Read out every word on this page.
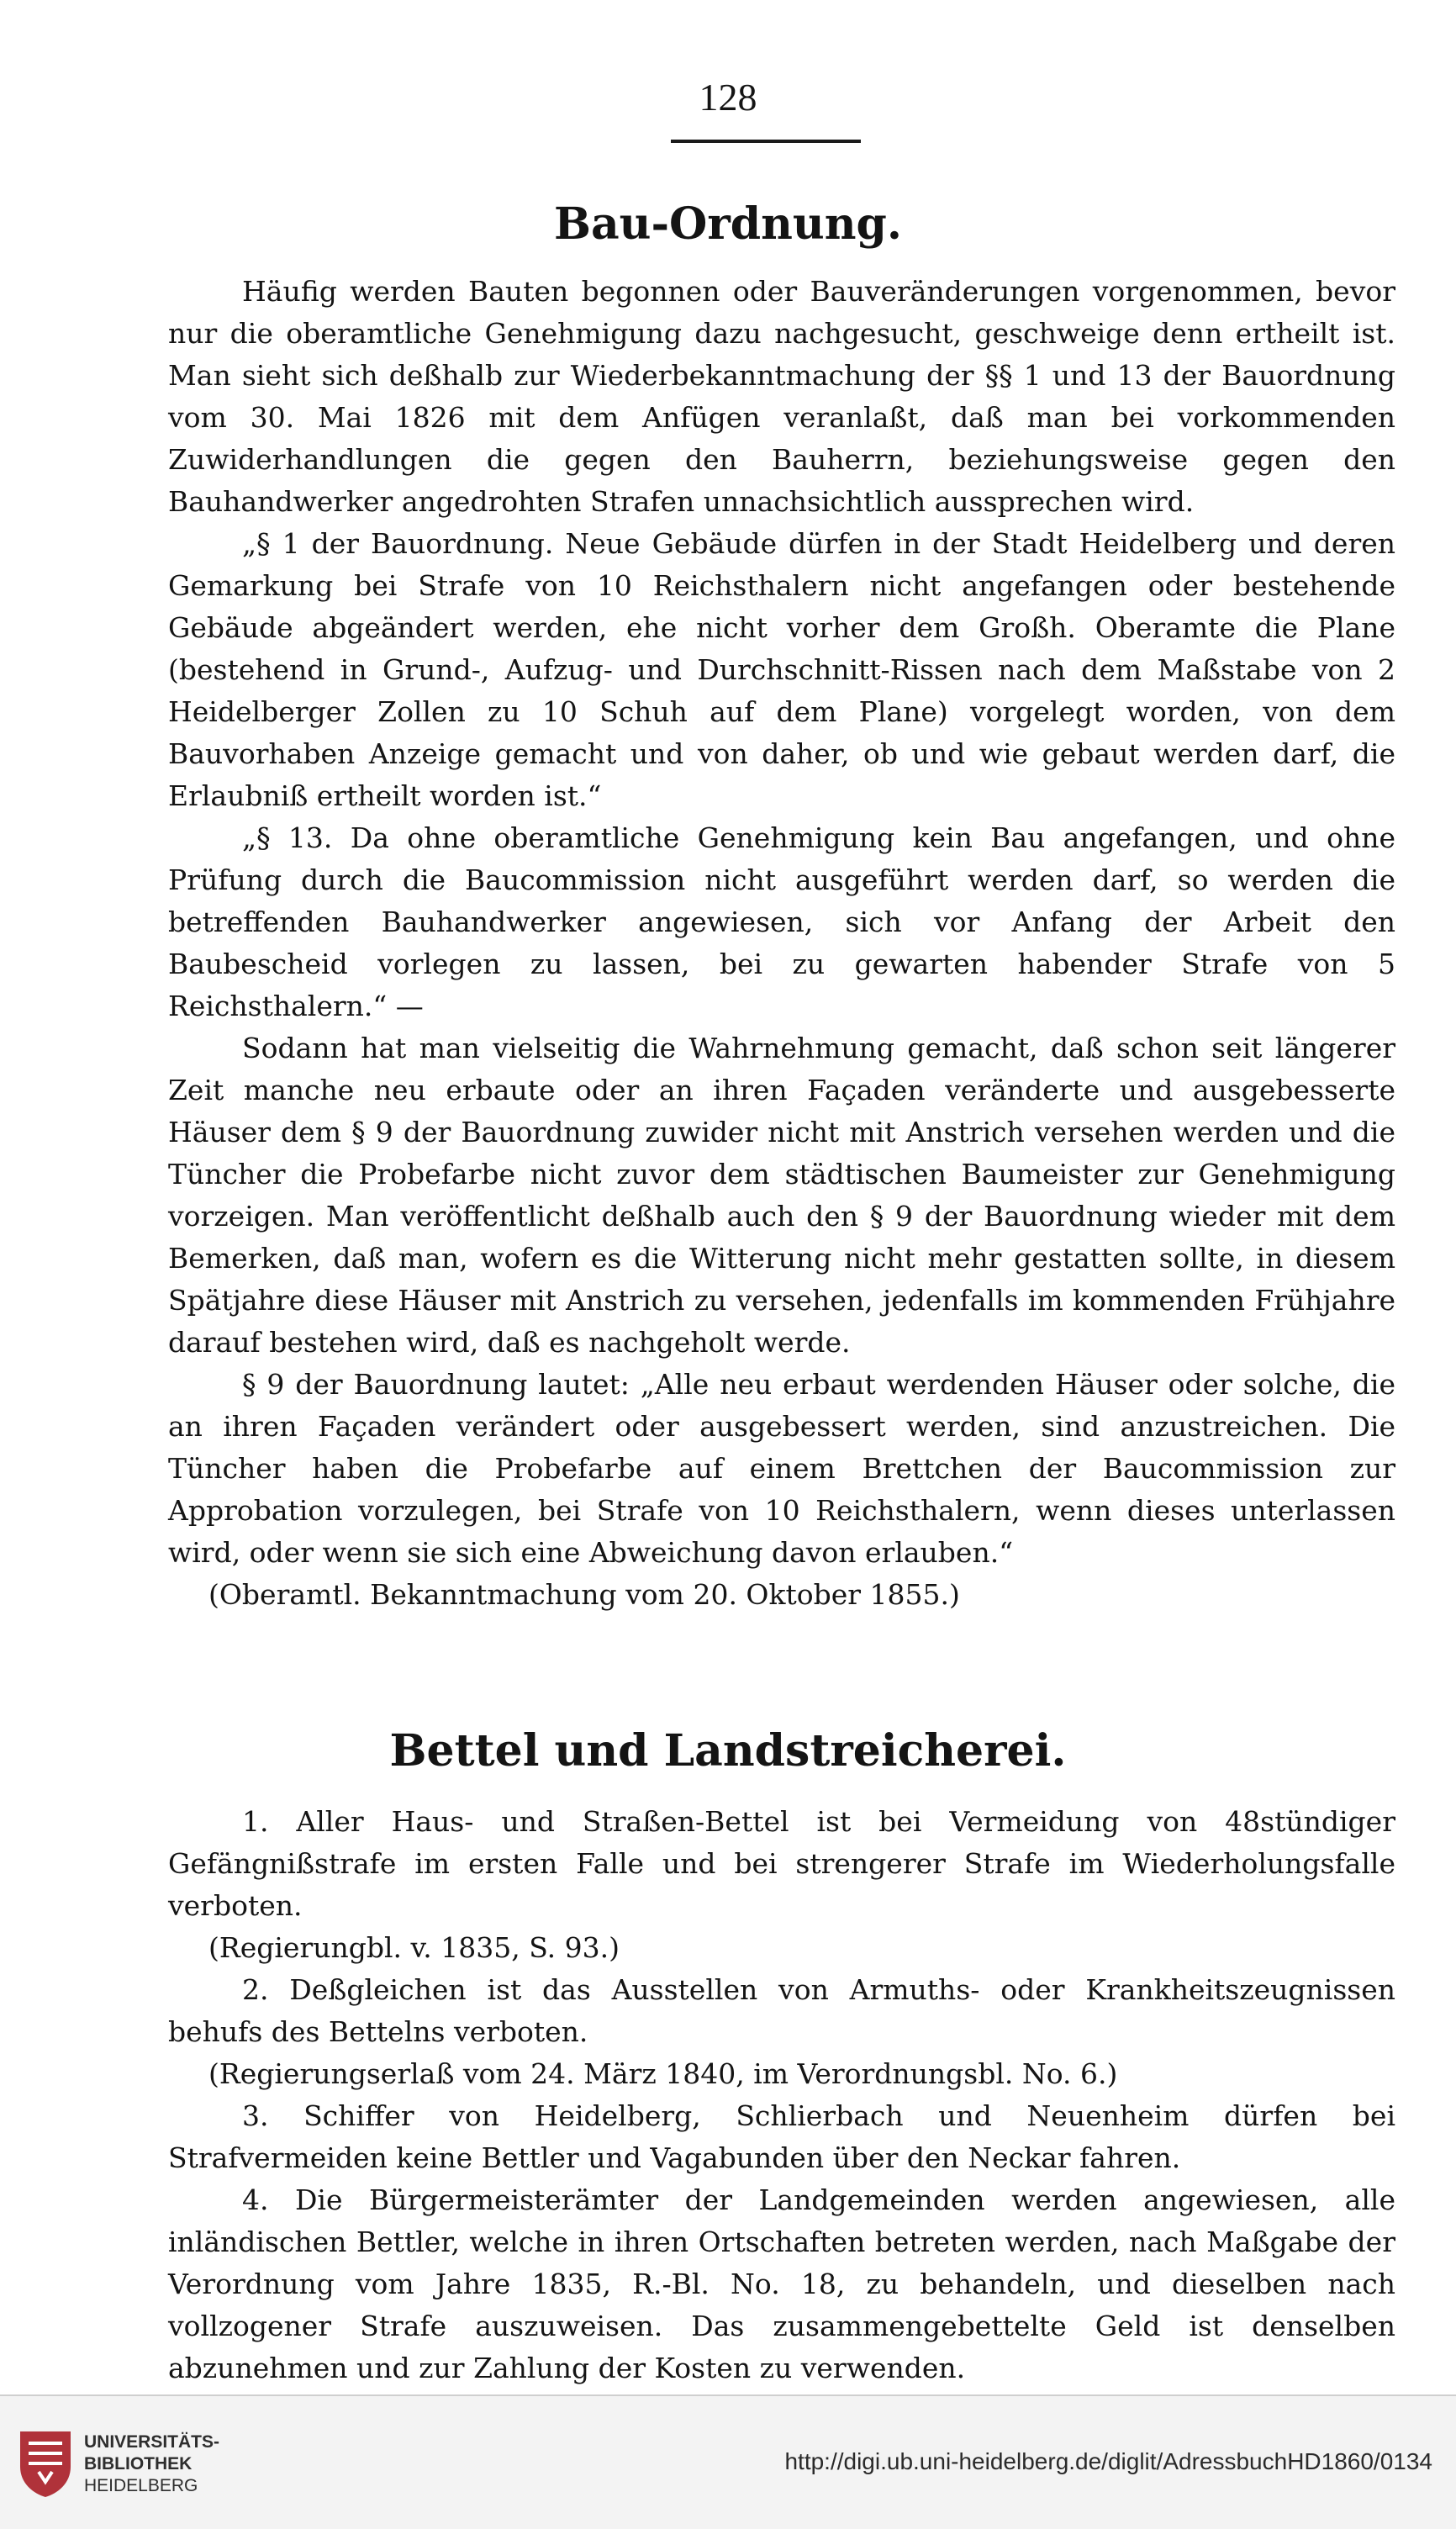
128
Bau-Ordnung.

Häufig werden Bauten begonnen oder Bauveränderungen vorgenommen, bevor nur die oberamtliche Genehmigung dazu nachgesucht, geschweige denn ertheilt ist. Man sieht sich deßhalb zur Wiederbekanntmachung der §§ 1 und 13 der Bauordnung vom 30. Mai 1826 mit dem Anfügen veranlaßt, daß man bei vorkommenden Zuwiderhandlungen die gegen den Bauherrn, beziehungsweise gegen den Bauhandwerker angedrohten Strafen unnachsichtlich aussprechen wird.

„§ 1 der Bauordnung. Neue Gebäude dürfen in der Stadt Heidelberg und deren Gemarkung bei Strafe von 10 Reichsthalern nicht angefangen oder bestehende Gebäude abgeändert werden, ehe nicht vorher dem Großh. Oberamte die Plane (bestehend in Grund-, Aufzug- und Durchschnitt-Rissen nach dem Maßstabe von 2 Heidelberger Zollen zu 10 Schuh auf dem Plane) vorgelegt worden, von dem Bauvorhaben Anzeige gemacht und von daher, ob und wie gebaut werden darf, die Erlaubniß ertheilt worden ist.“

„§ 13. Da ohne oberamtliche Genehmigung kein Bau angefangen, und ohne Prüfung durch die Baucommission nicht ausgeführt werden darf, so werden die betreffenden Bauhandwerker angewiesen, sich vor Anfang der Arbeit den Baubescheid vorlegen zu lassen, bei zu gewarten habender Strafe von 5 Reichsthalern.“ —

Sodann hat man vielseitig die Wahrnehmung gemacht, daß schon seit längerer Zeit manche neu erbaute oder an ihren Façaden veränderte und ausgebesserte Häuser dem § 9 der Bauordnung zuwider nicht mit Anstrich versehen werden und die Tüncher die Probefarbe nicht zuvor dem städtischen Baumeister zur Genehmigung vorzeigen. Man veröffentlicht deßhalb auch den § 9 der Bauordnung wieder mit dem Bemerken, daß man, wofern es die Witterung nicht mehr gestatten sollte, in diesem Spätjahre diese Häuser mit Anstrich zu versehen, jedenfalls im kommenden Frühjahre darauf bestehen wird, daß es nachgeholt werde.

§ 9 der Bauordnung lautet: „Alle neu erbaut werdenden Häuser oder solche, die an ihren Façaden verändert oder ausgebessert werden, sind anzustreichen. Die Tüncher haben die Probefarbe auf einem Brettchen der Baucommission zur Approbation vorzulegen, bei Strafe von 10 Reichsthalern, wenn dieses unterlassen wird, oder wenn sie sich eine Abweichung davon erlauben.“

(Oberamtl. Bekanntmachung vom 20. Oktober 1855.)

Bettel und Landstreicherei.

1. Aller Haus- und Straßen-Bettel ist bei Vermeidung von 48stündiger Gefängnißstrafe im ersten Falle und bei strengerer Strafe im Wiederholungsfalle verboten.

(Regierungbl. v. 1835, S. 93.)

2. Deßgleichen ist das Ausstellen von Armuths- oder Krankheitszeugnissen behufs des Bettelns verboten.

(Regierungserlaß vom 24. März 1840, im Verordnungsbl. No. 6.)

3. Schiffer von Heidelberg, Schlierbach und Neuenheim dürfen bei Strafvermeiden keine Bettler und Vagabunden über den Neckar fahren.

4. Die Bürgermeisterämter der Landgemeinden werden angewiesen, alle inländischen Bettler, welche in ihren Ortschaften betreten werden, nach Maßgabe der Verordnung vom Jahre 1835, R.-Bl. No. 18, zu behandeln, und dieselben nach vollzogener Strafe auszuweisen. Das zusammengebettelte Geld ist denselben abzunehmen und zur Zahlung der Kosten zu verwenden.

UNIVERSITÄTS-
BIBLIOTHEK
HEIDELBERG
http://digi.ub.uni-heidelberg.de/diglit/AdressbuchHD1860/0134
